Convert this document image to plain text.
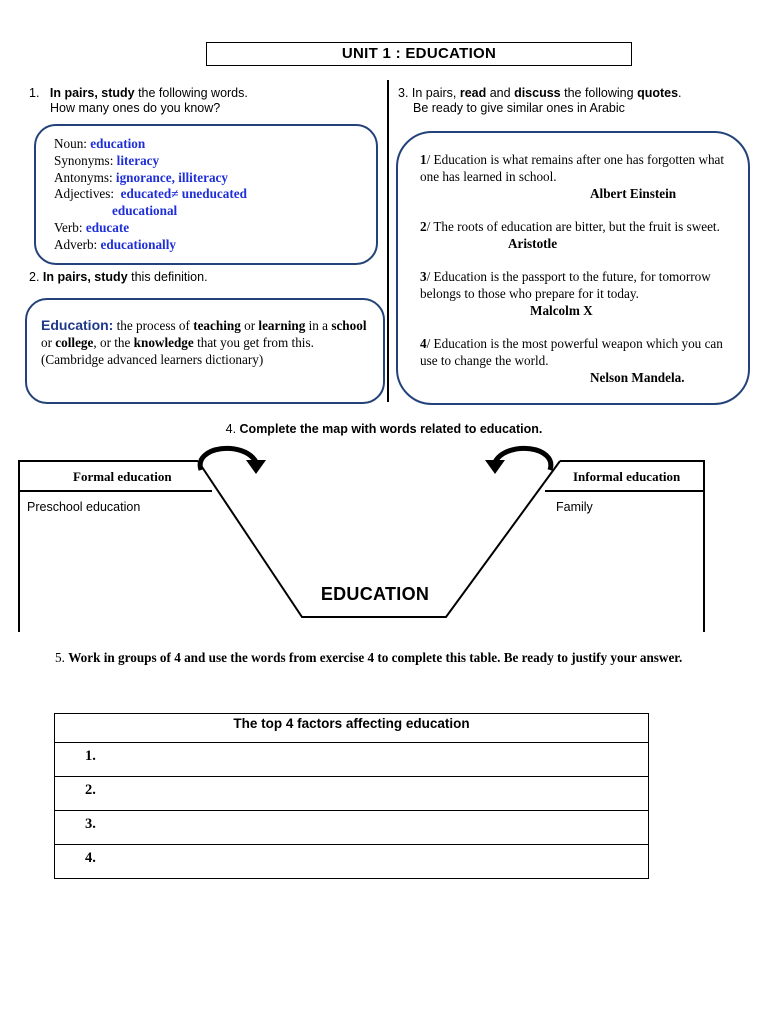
UNIT 1 : EDUCATION
1. In pairs, study the following words.
How many ones do you know?
Noun: education
Synonyms: literacy
Antonyms: ignorance, illiteracy
Adjectives:  educated≠ uneducated
educational
Verb: educate
Adverb: educationally
2. In pairs, study this definition.
Education: the process of teaching or learning in a school or college, or the knowledge that you get from this.
(Cambridge advanced learners dictionary)
3. In pairs, read and discuss the following quotes.
Be ready to give similar ones in Arabic
1/ Education is what remains after one has forgotten what one has learned in school.
Albert Einstein
2/ The roots of education are bitter, but the fruit is sweet. Aristotle
3/ Education is the passport to the future, for tomorrow belongs to those who prepare for it today. Malcolm X
4/ Education is the most powerful weapon which you can use to change the world.
Nelson Mandela.
4. Complete the map with words related to education.
Formal education
Preschool education
Informal education
Family
EDUCATION
5. Work in groups of 4 and use the words from exercise 4 to complete this table. Be ready to justify your answer.
The top 4 factors affecting education
1.
2.
3.
4.
